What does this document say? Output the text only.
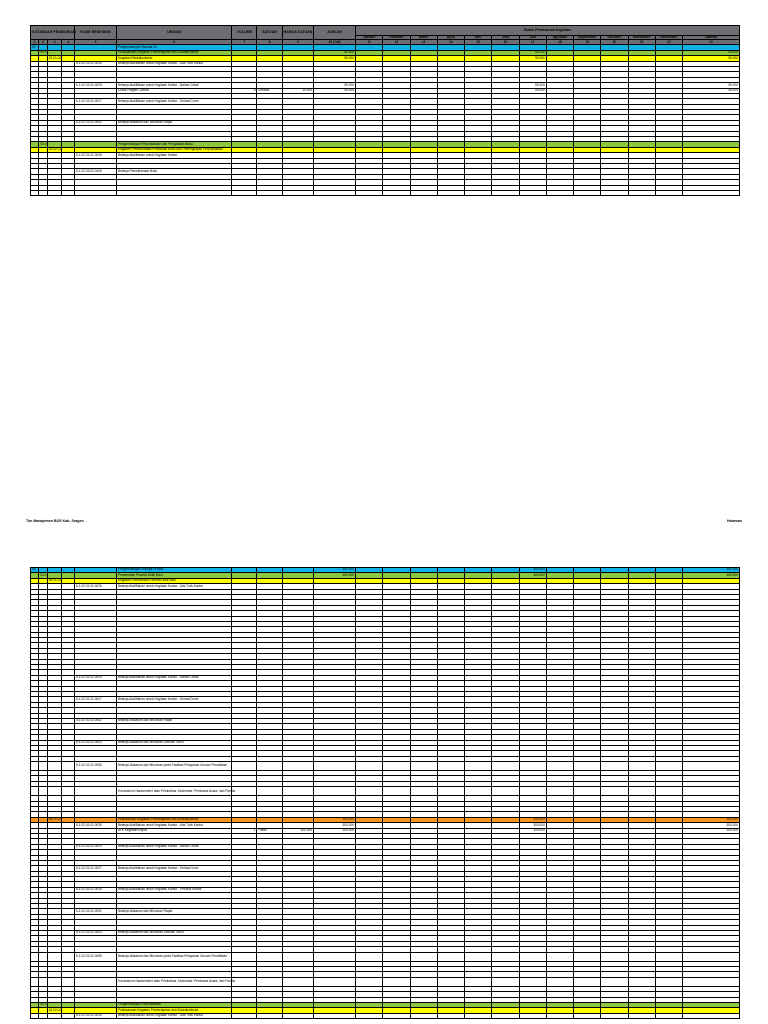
8 STANDAR PENDIDIKAN				KODE REKENING	URAIAN	VOLUME	SATUAN	HARGA SATUAN	JUMLAH	Bulan Pelaksanaa Kegiatan												
										Januari	Februari	Maret	April	Mei	Juni	Juli	Agustus	September	Oktober	November	Desember	Jumlah
1	2	3	4	5	6	7	8	9	10 (7x9)	11	12	13	14	15	16	17	18	19	20	21	22	23
03					Pengembangan Standar Isi																	
	03.01				Pelaksanaan Kegiatan Pembelajaran dan Ekstrakurikuler				95.000							95.000						95.000
		03.01.01			Kegiatan Ekstrakurikuler				95.000							95.000						95.000
				5.1.02.01.01.0026	Belanja Alat/Bahan untuk Kegiatan Kantor - Alat Tulis Kantor																	

				5.1.02.01.01.0029	Belanja Alat/Bahan untuk Kegiatan Kantor - Bahan Cetak				95.000							95.000						95.000
					Cetak Piagam Lomba	5	Lembar	19.000	95.000							95.000						95.000

				5.1.02.01.01.0027	Belanja Alat/Bahan untuk Kegiatan Kantor - Kertas/Cover																	

				5.1.02.01.01.0052	Belanja Makanan dan Minuman Rapat																	

	03.02				Pengembangan Perpustakaan dan Pengadaan Buku																	
		03.02.01			Kegiatan Pemeliharaan/Perawatan Buku dan Perlengkapan Perpustakaan																	
				5.1.02.01.01.0026	Belanja Alat/Bahan untuk Kegiatan Kantor																	

				5.1.02.03.02.0405	Belanja Pemeliharaan Buku																	

Tim Manajemen BOS Kab. Sragen	Halaman
04					Pengembangan Standar Proses				300.000							300.000						300.000
	04.01				Penerimaan Peserta Didik Baru				300.000							300.000						300.000
		04.01.01			Kegiatan Penerimaan Peserta Didik Baru																	
				5.1.02.01.01.0026	Belanja Alat/Bahan untuk Kegiatan Kantor - Alat Tulis Kantor																	

				5.1.02.01.01.0029	Belanja Alat/Bahan untuk Kegiatan Kantor - Bahan Cetak																	

				5.1.02.01.01.0027	Belanja Alat/Bahan untuk Kegiatan Kantor - Kertas/Cover																	

				5.1.02.01.01.0052	Belanja Makanan dan Minuman Rapat																	

				5.1.02.01.01.0053	Belanja Makanan dan Minuman Jamuan Tamu																	

				5.1.02.01.01.0055	Belanja Makanan dan Minuman pada Fasilitas Pelayanan Urusan Pendidikan																	

					Honorarium Narasumber atau Pembahas, Moderator, Pembawa Acara, dan Panitia																	

		04.01.02			Pelaksanaan Kegiatan Pembelajaran dan Ekstrakurikuler				300.000							300.000						300.000
				5.1.02.01.01.0026	Belanja Alat/Bahan untuk Kegiatan Kantor - Alat Tulis Kantor				300.000							300.000						300.000
					ATK Kegiatan Rapat	1	Paket	300.000	300.000							300.000						300.000

				5.1.02.01.01.0029	Belanja Alat/Bahan untuk Kegiatan Kantor - Bahan Cetak																	

				5.1.02.01.01.0027	Belanja Alat/Bahan untuk Kegiatan Kantor - Kertas/Cover																	

				5.1.02.01.01.0028	Belanja Alat/Bahan untuk Kegiatan Kantor - Perabot Kantor																	

				5.1.02.01.01.0052	Belanja Makanan dan Minuman Rapat																	

				5.1.02.01.01.0053	Belanja Makanan dan Minuman Jamuan Tamu																	

				5.1.02.01.01.0055	Belanja Makanan dan Minuman pada Fasilitas Pelayanan Urusan Pendidikan																	

					Honorarium Narasumber atau Pembahas, Moderator, Pembawa Acara, dan Panitia																	

	04.02				Pengembangan Perpustakaan																	
		04.02.01			Pelaksanaan Kegiatan Pembelajaran dan Ekstrakurikuler																	
				5.1.02.01.01.0026	Belanja Alat/Bahan untuk Kegiatan Kantor - Alat Tulis Kantor																	
